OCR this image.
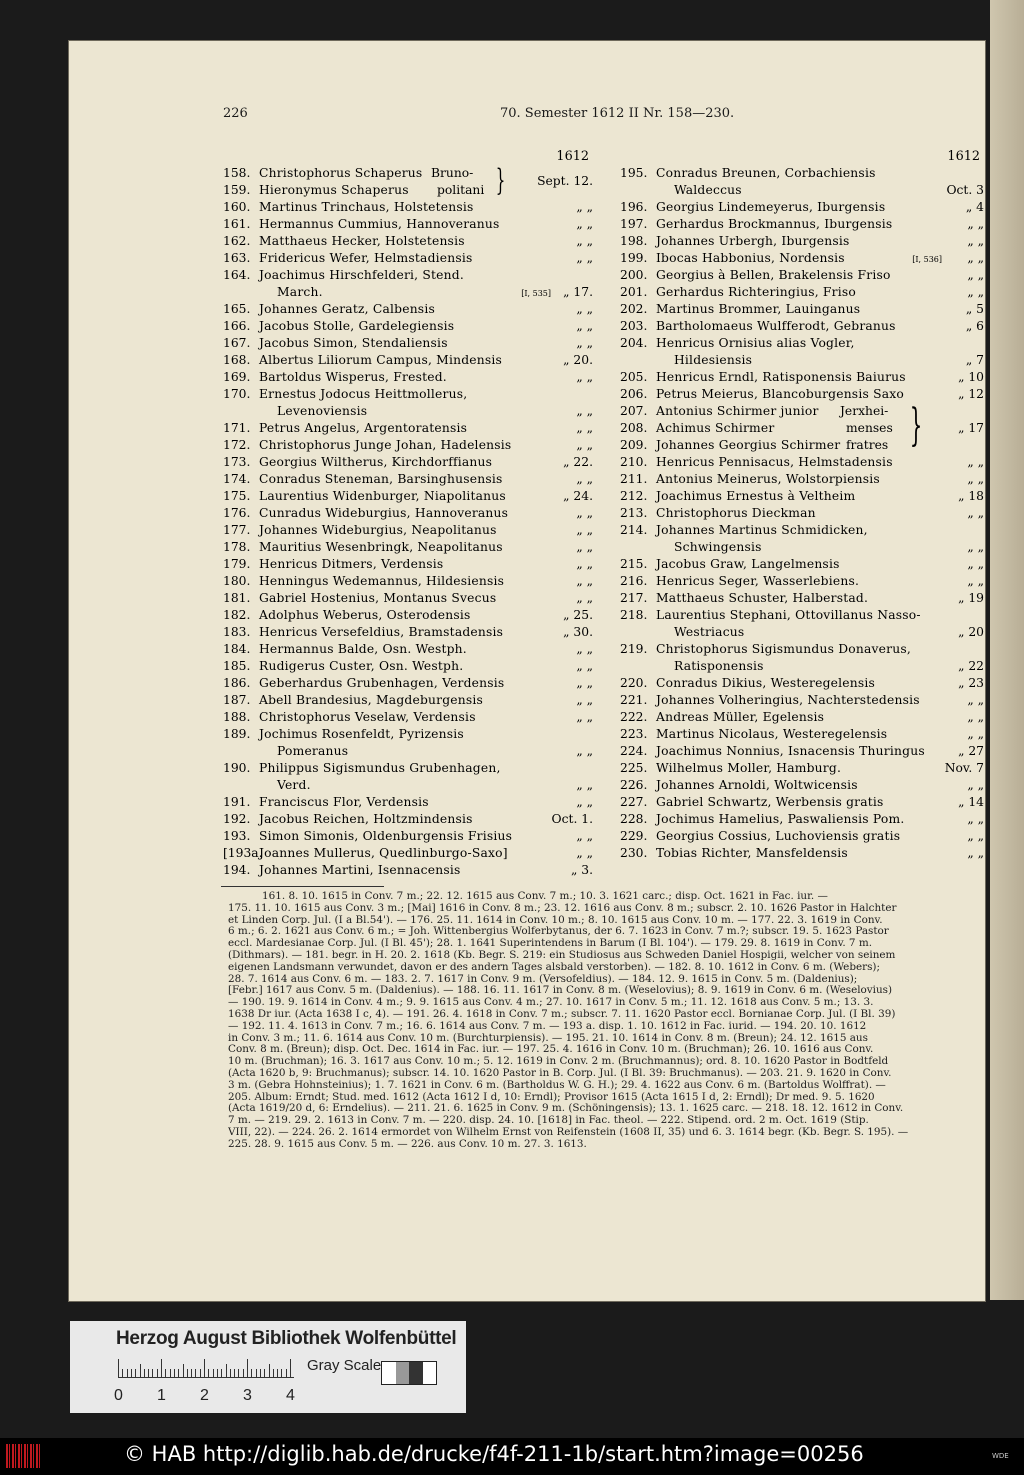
226	70. Semester 1612 II Nr. 158—230.
1612
158. Christophorus Schaperus Bruno-
Sept. 12.
}
159. Hieronymus Schaperus politani
160. Martinus Trinchaus, Holstetensis	„ „
161. Hermannus Cummius, Hannoveranus	„ „
162. Matthaeus Hecker, Holstetensis	„ „
163. Fridericus Wefer, Helmstadiensis	„ „
164. Joachimus Hirschfelderi, Stend.
March.	„ 17.
[I, 535]
165. Johannes Geratz, Calbensis	„ „
166. Jacobus Stolle, Gardelegiensis	„ „
167. Jacobus Simon, Stendaliensis	„ „
168. Albertus Liliorum Campus, Mindensis	„ 20.
169. Bartoldus Wisperus, Frested.	„ „
170. Ernestus Jodocus Heittmollerus,
Levenoviensis	„ „
171. Petrus Angelus, Argentoratensis	„ „
172. Christophorus Junge Johan, Hadelensis	„ „
173. Georgius Wiltherus, Kirchdorffianus	„ 22.
174. Conradus Steneman, Barsinghusensis	„ „
175. Laurentius Widenburger, Niapolitanus	„ 24.
176. Cunradus Wideburgius, Hannoveranus	„ „
177. Johannes Wideburgius, Neapolitanus	„ „
178. Mauritius Wesenbringk, Neapolitanus	„ „
179. Henricus Ditmers, Verdensis	„ „
180. Henningus Wedemannus, Hildesiensis	„ „
181. Gabriel Hostenius, Montanus Svecus	„ „
182. Adolphus Weberus, Osterodensis	„ 25.
183. Henricus Versefeldius, Bramstadensis	„ 30.
184. Hermannus Balde, Osn. Westph.	„ „
185. Rudigerus Custer, Osn. Westph.	„ „
186. Geberhardus Grubenhagen, Verdensis	„ „
187. Abell Brandesius, Magdeburgensis	„ „
188. Christophorus Veselaw, Verdensis	„ „
189. Jochimus Rosenfeldt, Pyrizensis
Pomeranus	„ „
190. Philippus Sigismundus Grubenhagen,
Verd.	„ „
191. Franciscus Flor, Verdensis	„ „
192. Jacobus Reichen, Holtzmindensis	Oct. 1.
193. Simon Simonis, Oldenburgensis Frisius	„ „
[193a.
Joannes Mullerus, Quedlinburgo-Saxo]	„ „
194. Johannes Martini, Isennacensis	„ 3.
1612
195. Conradus Breunen, Corbachiensis
Waldeccus	Oct. 3
196. Georgius Lindemeyerus, Iburgensis	„ 4
197. Gerhardus Brockmannus, Iburgensis	„ „
198. Johannes Urbergh, Iburgensis	„ „
199. Ibocas Habbonius, Nordensis	„ „
[I, 536]
200. Georgius à Bellen, Brakelensis Friso	„ „
201. Gerhardus Richteringius, Friso	„ „
202. Martinus Brommer, Lauinganus	„ 5
203. Bartholomaeus Wulfferodt, Gebranus	„ 6
204. Henricus Ornisius alias Vogler,
Hildesiensis	„ 7
205. Henricus Erndl, Ratisponensis Baiurus	„ 10
206. Petrus Meierus, Blancoburgensis Saxo	„ 12
207. Antonius Schirmer junior Jerxhei- }
208. Achimus Schirmer	„ 17
menses
209. Johannes Georgius Schirmer fratres
210. Henricus Pennisacus, Helmstadensis	„ „
211. Antonius Meinerus, Wolstorpiensis	„ „
212. Joachimus Ernestus à Veltheim	„ 18
213. Christophorus Dieckman	„ „
214. Johannes Martinus Schmidicken,
Schwingensis	„ „
215. Jacobus Graw, Langelmensis	„ „
216. Henricus Seger, Wasserlebiens.	„ „
217. Matthaeus Schuster, Halberstad.	„ 19
218. Laurentius Stephani, Ottovillanus Nasso-
Westriacus	„ 20
219. Christophorus Sigismundus Donaverus,
Ratisponensis	„ 22
220. Conradus Dikius, Westeregelensis	„ 23
221. Johannes Volheringius, Nachterstedensis	„ „
222. Andreas Müller, Egelensis	„ „
223. Martinus Nicolaus, Westeregelensis	„ „
224. Joachimus Nonnius, Isnacensis Thuringus	„ 27
225. Wilhelmus Moller, Hamburg.	Nov. 7
226. Johannes Arnoldi, Woltwicensis	„ „
227. Gabriel Schwartz, Werbensis gratis	„ 14
228. Jochimus Hamelius, Paswaliensis Pom.	„ „
229. Georgius Cossius, Luchoviensis gratis	„ „
230. Tobias Richter, Mansfeldensis	„ „

161. 8. 10. 1615 in Conv. 7 m.; 22. 12. 1615 aus Conv. 7 m.; 10. 3. 1621 carc.; disp. Oct. 1621 in Fac. iur. —

175. 11. 10. 1615 aus Conv. 3 m.; [Mai] 1616 in Conv. 8 m.; 23. 12. 1616 aus Conv. 8 m.; subscr. 2. 10. 1626 Pastor in Halchter

et Linden Corp. Jul. (I a Bl.54'). — 176. 25. 11. 1614 in Conv. 10 m.; 8. 10. 1615 aus Conv. 10 m. — 177. 22. 3. 1619 in Conv.

6 m.; 6. 2. 1621 aus Conv. 6 m.; = Joh. Wittenbergius Wolferbytanus, der 6. 7. 1623 in Conv. 7 m.?; subscr. 19. 5. 1623 Pastor

eccl. Mardesianae Corp. Jul. (I Bl. 45'); 28. 1. 1641 Superintendens in Barum (I Bl. 104'). — 179. 29. 8. 1619 in Conv. 7 m.

(Dithmars). — 181. begr. in H. 20. 2. 1618 (Kb. Begr. S. 219: ein Studiosus aus Schweden Daniel Hospigii, welcher von seinem

eigenen Landsmann verwundet, davon er des andern Tages alsbald verstorben). — 182. 8. 10. 1612 in Conv. 6 m. (Webers);

28. 7. 1614 aus Conv. 6 m. — 183. 2. 7. 1617 in Conv. 9 m. (Versofeldius). — 184. 12. 9. 1615 in Conv. 5 m. (Daldenius);

[Febr.] 1617 aus Conv. 5 m. (Daldenius). — 188. 16. 11. 1617 in Conv. 8 m. (Weselovius); 8. 9. 1619 in Conv. 6 m. (Weselovius)

— 190. 19. 9. 1614 in Conv. 4 m.; 9. 9. 1615 aus Conv. 4 m.; 27. 10. 1617 in Conv. 5 m.; 11. 12. 1618 aus Conv. 5 m.; 13. 3.

1638 Dr iur. (Acta 1638 I c, 4). — 191. 26. 4. 1618 in Conv. 7 m.; subscr. 7. 11. 1620 Pastor eccl. Bornianae Corp. Jul. (I Bl. 39)

— 192. 11. 4. 1613 in Conv. 7 m.; 16. 6. 1614 aus Conv. 7 m. — 193 a. disp. 1. 10. 1612 in Fac. iurid. — 194. 20. 10. 1612

in Conv. 3 m.; 11. 6. 1614 aus Conv. 10 m. (Burchturpiensis). — 195. 21. 10. 1614 in Conv. 8 m. (Breun); 24. 12. 1615 aus

Conv. 8 m. (Breun); disp. Oct. Dec. 1614 in Fac. iur. — 197. 25. 4. 1616 in Conv. 10 m. (Bruchman); 26. 10. 1616 aus Conv.

10 m. (Bruchman); 16. 3. 1617 aus Conv. 10 m.; 5. 12. 1619 in Conv. 2 m. (Bruchmannus); ord. 8. 10. 1620 Pastor in Bodtfeld

(Acta 1620 b, 9: Bruchmanus); subscr. 14. 10. 1620 Pastor in B. Corp. Jul. (I Bl. 39: Bruchmanus). — 203. 21. 9. 1620 in Conv.

3 m. (Gebra Hohnsteinius); 1. 7. 1621 in Conv. 6 m. (Bartholdus W. G. H.); 29. 4. 1622 aus Conv. 6 m. (Bartoldus Wolffrat). —

205. Album: Erndt; Stud. med. 1612 (Acta 1612 I d, 10: Erndl); Provisor 1615 (Acta 1615 I d, 2: Erndl); Dr med. 9. 5. 1620

(Acta 1619/20 d, 6: Erndelius). — 211. 21. 6. 1625 in Conv. 9 m. (Schöningensis); 13. 1. 1625 carc. — 218. 18. 12. 1612 in Conv.

7 m. — 219. 29. 2. 1613 in Conv. 7 m. — 220. disp. 24. 10. [1618] in Fac. theol. — 222. Stipend. ord. 2 m. Oct. 1619 (Stip.

VIII, 22). — 224. 26. 2. 1614 ermordet von Wilhelm Ernst von Reifenstein (1608 II, 35) und 6. 3. 1614 begr. (Kb. Begr. S. 195). —

225. 28. 9. 1615 aus Conv. 5 m. — 226. aus Conv. 10 m. 27. 3. 1613.

Herzog August Bibliothek Wolfenbüttel
Gray Scale
0 1 2 3 4
© HAB http://diglib.hab.de/drucke/f4f-211-1b/start.htm?image=00256	WDE
